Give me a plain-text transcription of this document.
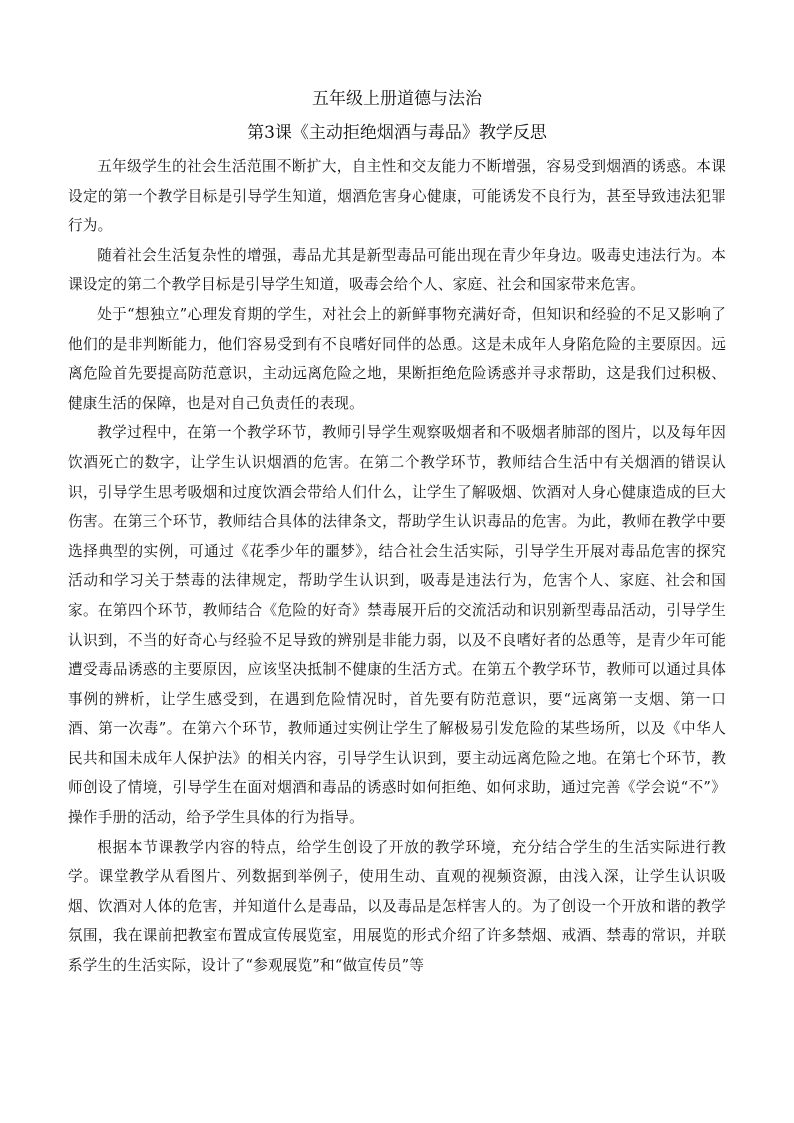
五年级上册道德与法治
第3课《主动拒绝烟酒与毒品》教学反思

五年级学生的社会生活范围不断扩大，自主性和交友能力不断增强，容易受到烟酒的诱惑。本课设定的第一个教学目标是引导学生知道，烟酒危害身心健康，可能诱发不良行为，甚至导致违法犯罪行为。

随着社会生活复杂性的增强，毒品尤其是新型毒品可能出现在青少年身边。吸毒史违法行为。本课设定的第二个教学目标是引导学生知道，吸毒会给个人、家庭、社会和国家带来危害。

处于“想独立”心理发育期的学生，对社会上的新鲜事物充满好奇，但知识和经验的不足又影响了他们的是非判断能力，他们容易受到有不良嗜好同伴的怂恿。这是未成年人身陷危险的主要原因。远离危险首先要提高防范意识，主动远离危险之地，果断拒绝危险诱惑并寻求帮助，这是我们过积极、健康生活的保障，也是对自己负责任的表现。

教学过程中，在第一个教学环节，教师引导学生观察吸烟者和不吸烟者肺部的图片，以及每年因饮酒死亡的数字，让学生认识烟酒的危害。在第二个教学环节，教师结合生活中有关烟酒的错误认识，引导学生思考吸烟和过度饮酒会带给人们什么，让学生了解吸烟、饮酒对人身心健康造成的巨大伤害。在第三个环节，教师结合具体的法律条文，帮助学生认识毒品的危害。为此，教师在教学中要选择典型的实例，可通过《花季少年的噩梦》，结合社会生活实际，引导学生开展对毒品危害的探究活动和学习关于禁毒的法律规定，帮助学生认识到，吸毒是违法行为，危害个人、家庭、社会和国家。在第四个环节，教师结合《危险的好奇》禁毒展开后的交流活动和识别新型毒品活动，引导学生认识到，不当的好奇心与经验不足导致的辨别是非能力弱，以及不良嗜好者的怂恿等，是青少年可能遭受毒品诱惑的主要原因，应该坚决抵制不健康的生活方式。在第五个教学环节，教师可以通过具体事例的辨析，让学生感受到，在遇到危险情况时，首先要有防范意识，要“远离第一支烟、第一口酒、第一次毒”。在第六个环节，教师通过实例让学生了解极易引发危险的某些场所，以及《中华人民共和国未成年人保护法》的相关内容，引导学生认识到，要主动远离危险之地。在第七个环节，教师创设了情境，引导学生在面对烟酒和毒品的诱惑时如何拒绝、如何求助，通过完善《学会说“不”》操作手册的活动，给予学生具体的行为指导。

根据本节课教学内容的特点，给学生创设了开放的教学环境，充分结合学生的生活实际进行教学。课堂教学从看图片、列数据到举例子，使用生动、直观的视频资源，由浅入深，让学生认识吸烟、饮酒对人体的危害，并知道什么是毒品，以及毒品是怎样害人的。为了创设一个开放和谐的教学氛围，我在课前把教室布置成宣传展览室，用展览的形式介绍了许多禁烟、戒酒、禁毒的常识，并联系学生的生活实际，设计了“参观展览”和“做宣传员”等
